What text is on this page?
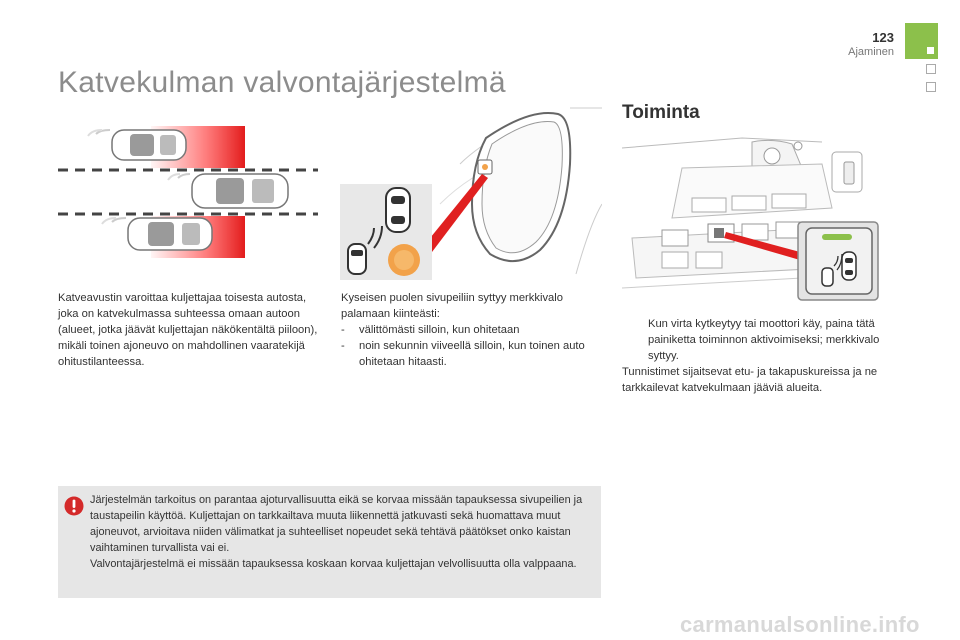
123
Ajaminen
Katvekulman valvontajärjestelmä
Toiminta
Katveavustin varoittaa kuljettajaa toisesta autosta, joka on katvekulmassa suhteessa omaan autoon (alueet, jotka jäävät kuljettajan näkökentältä piiloon), mikäli toinen ajoneuvo on mahdollinen vaaratekijä ohitustilanteessa.
Kyseisen puolen sivupeiliin syttyy merkkivalo palamaan kiinteästi:
-	välittömästi silloin, kun ohitetaan
-	noin sekunnin viiveellä silloin, kun toinen auto ohitetaan hitaasti.
Kun virta kytkeytyy tai moottori käy, paina tätä painiketta toiminnon aktivoimiseksi; merkkivalo syttyy.
Tunnistimet sijaitsevat etu- ja takapuskureissa ja ne tarkkailevat katvekulmaan jääviä alueita.
Järjestelmän tarkoitus on parantaa ajoturvallisuutta eikä se korvaa missään tapauksessa sivupeilien ja taustapeilin käyttöä. Kuljettajan on tarkkailtava muuta liikennettä jatkuvasti sekä huomattava muut ajoneuvot, arvioitava niiden välimatkat ja suhteelliset nopeudet sekä tehtävä päätökset onko kaistan vaihtaminen turvallista vai ei.
Valvontajärjestelmä ei missään tapauksessa koskaan korvaa kuljettajan velvollisuutta olla valppaana.
carmanualsonline.info
